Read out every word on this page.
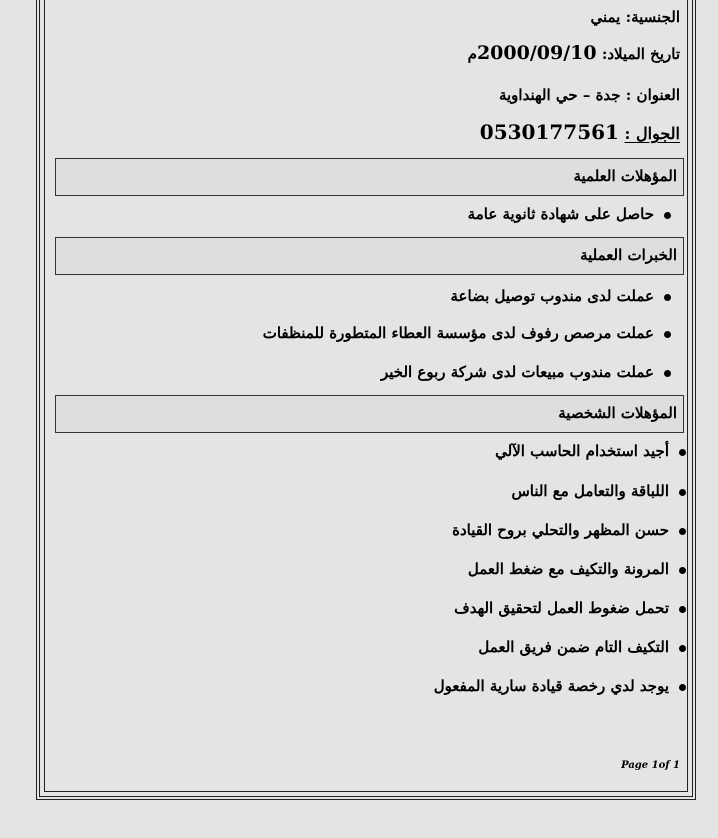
الجنسية: يمني
تاريخ الميلاد: 2000/09/10م
العنوان : جدة – حي الهنداوية
الجوال : 0530177561
المؤهلات العلمية
حاصل على شهادة ثانوية عامة
الخبرات العملية
عملت لدى مندوب توصيل بضاعة
عملت مرصص رفوف لدى مؤسسة العطاء المتطورة للمنظفات
عملت مندوب مبيعات لدى شركة ربوع الخير
المؤهلات الشخصية
أجيد استخدام الحاسب الآلي
اللباقة والتعامل مع الناس
حسن المظهر والتحلي بروح القيادة
المرونة والتكيف مع ضغط العمل
تحمل ضغوط العمل لتحقيق الهدف
التكيف التام ضمن فريق العمل
يوجد لدي رخصة قيادة سارية المفعول
Page 1of 1
